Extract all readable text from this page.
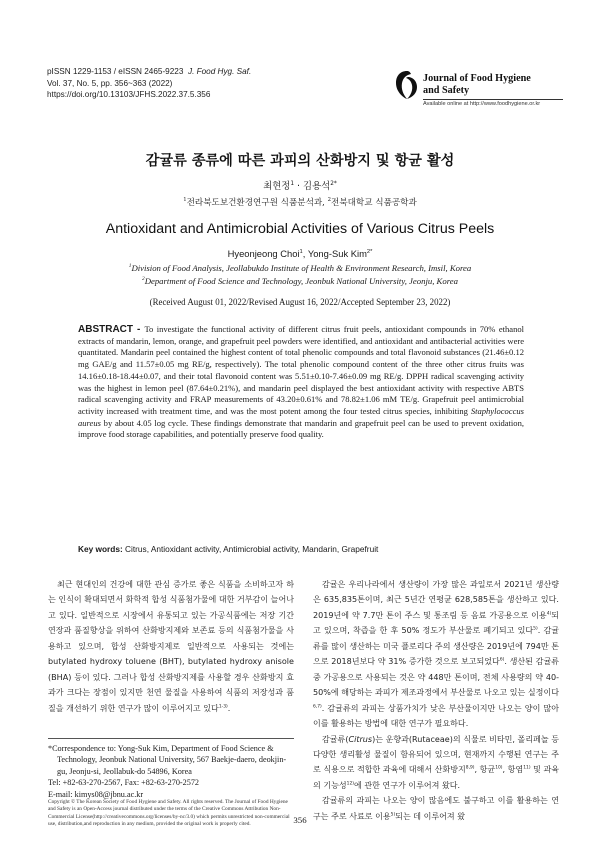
pISSN 1229-1153 / eISSN 2465-9223 J. Food Hyg. Saf.
Vol. 37, No. 5, pp. 356~363 (2022)
https://doi.org/10.13103/JFHS.2022.37.5.356
Journal of Food Hygiene
and Safety
Available online at http://www.foodhygiene.or.kr
감귤류 종류에 따른 과피의 산화방지 및 항균 활성
최현정$^1$ · 김용석$^{2*}$
$^1$전라북도보건환경연구원 식품분석과, $^2$전북대학교 식품공학과
Antioxidant and Antimicrobial Activities of Various Citrus Peels
Hyeonjeong Choi$^1$, Yong-Suk Kim$^{2*}$
$^1$Division of Food Analysis, Jeollabukdo Institute of Health & Environment Research, Imsil, Korea
$^2$Department of Food Science and Technology, Jeonbuk National University, Jeonju, Korea
(Received August 01, 2022/Revised August 16, 2022/Accepted September 23, 2022)
ABSTRACT - To investigate the functional activity of different citrus fruit peels, antioxidant compounds in 70% ethanol extracts of mandarin, lemon, orange, and grapefruit peel powders were identified, and antioxidant and antibacterial activities were quantitated. Mandarin peel contained the highest content of total phenolic compounds and total flavonoid substances (21.46±0.12 mg GAE/g and 11.57±0.05 mg RE/g, respectively). The total phenolic compound content of the three other citrus fruits was 14.16±0.18-18.44±0.07, and their total flavonoid content was 5.51±0.10-7.46±0.09 mg RE/g. DPPH radical scavenging activity was the highest in lemon peel (87.64±0.21%), and mandarin peel displayed the best antioxidant activity with respective ABTS radical scavenging activity and FRAP measurements of 43.20±0.61% and 78.82±1.06 mM TE/g. Grapefruit peel antimicrobial activity increased with treatment time, and was the most potent among the four tested citrus species, inhibiting Staphylococcus aureus by about 4.05 log cycle. These findings demonstrate that mandarin and grapefruit peel can be used to prevent oxidation, improve food storage capabilities, and potentially preserve food quality.
Key words: Citrus, Antioxidant activity, Antimicrobial activity, Mandarin, Grapefruit

최근 현대인의 건강에 대한 관심 증가로 좋은 식품을 소비하고자 하는 인식이 확대되면서 화학적 합성 식품첨가물에 대한 거부감이 늘어나고 있다. 일반적으로 시장에서 유통되고 있는 가공식품에는 저장 기간 연장과 품질향상을 위하여 산화방지제와 보존료 등의 식품첨가물을 사용하고 있으며, 합성 산화방지제로 일반적으로 사용되는 것에는 butylated hydroxy toluene (BHT), butylated hydroxy anisole (BHA) 등이 있다. 그러나 합성 산화방지제를 사용할 경우 산화방지 효과가 크다는 장점이 있지만 천연 물질을 사용하여 식품의 저장성과 품질을 개선하기 위한 연구가 많이 이루어지고 있다$^{1-3)}$.

*Correspondence to: Yong-Suk Kim, Department of Food Science & Technology, Jeonbuk National University, 567 Baekje-daero, deokjin-gu, Jeonju-si, Jeollabuk-do 54896, Korea
Tel: +82-63-270-2567, Fax: +82-63-270-2572
E-mail: kimys08@jbnu.ac.kr
Copyright © The Korean Society of Food Hygiene and Safety. All rights reserved. The Journal of Food Hygiene and Safety is an Open-Access journal distributed under the terms of the Creative Commons Attribution Non-Commercial License(http://creativecommons.org/licenses/by-nc/3.0) which permits unrestricted non-commercial use, distribution,and reproduction in any medium, provided the original work is properly cited.

감귤은 우리나라에서 생산량이 가장 많은 과일로서 2021년 생산량은 635,835톤이며, 최근 5년간 연평균 628,585톤을 생산하고 있다. 2019년에 약 7.7만 톤이 주스 및 통조림 등 음료 가공용으로 이용$^{4)}$되고 있으며, 착즙을 한 후 50% 정도가 부산물로 폐기되고 있다$^{5)}$. 감귤류를 많이 생산하는 미국 플로리다 주의 생산량은 2019년에 794만 톤으로 2018년보다 약 31% 증가한 것으로 보고되었다$^{6)}$. 생산된 감귤류 중 가공용으로 사용되는 것은 약 448만 톤이며, 전체 사용량의 약 40-50%에 해당하는 과피가 제조과정에서 부산물로 나오고 있는 실정이다$^{6,7)}$. 감귤류의 과피는 상품가치가 낮은 부산물이지만 나오는 양이 많아 이를 활용하는 방법에 대한 연구가 필요하다.

감귤류(Citrus)는 운향과(Rutaceae)의 식물로 비타민, 폴리페놀 등 다양한 생리활성 물질이 함유되어 있으며, 현재까지 수행된 연구는 주로 식용으로 적합한 과육에 대해서 산화방지$^{8,9)}$, 항균$^{10)}$, 항염$^{11)}$ 및 과육의 기능성$^{12)}$에 관한 연구가 이루어져 왔다.

감귤류의 과피는 나오는 양이 많음에도 불구하고 이를 활용하는 연구는 주로 사료로 이용$^{5)}$되는 데 이루어져 왔

356
